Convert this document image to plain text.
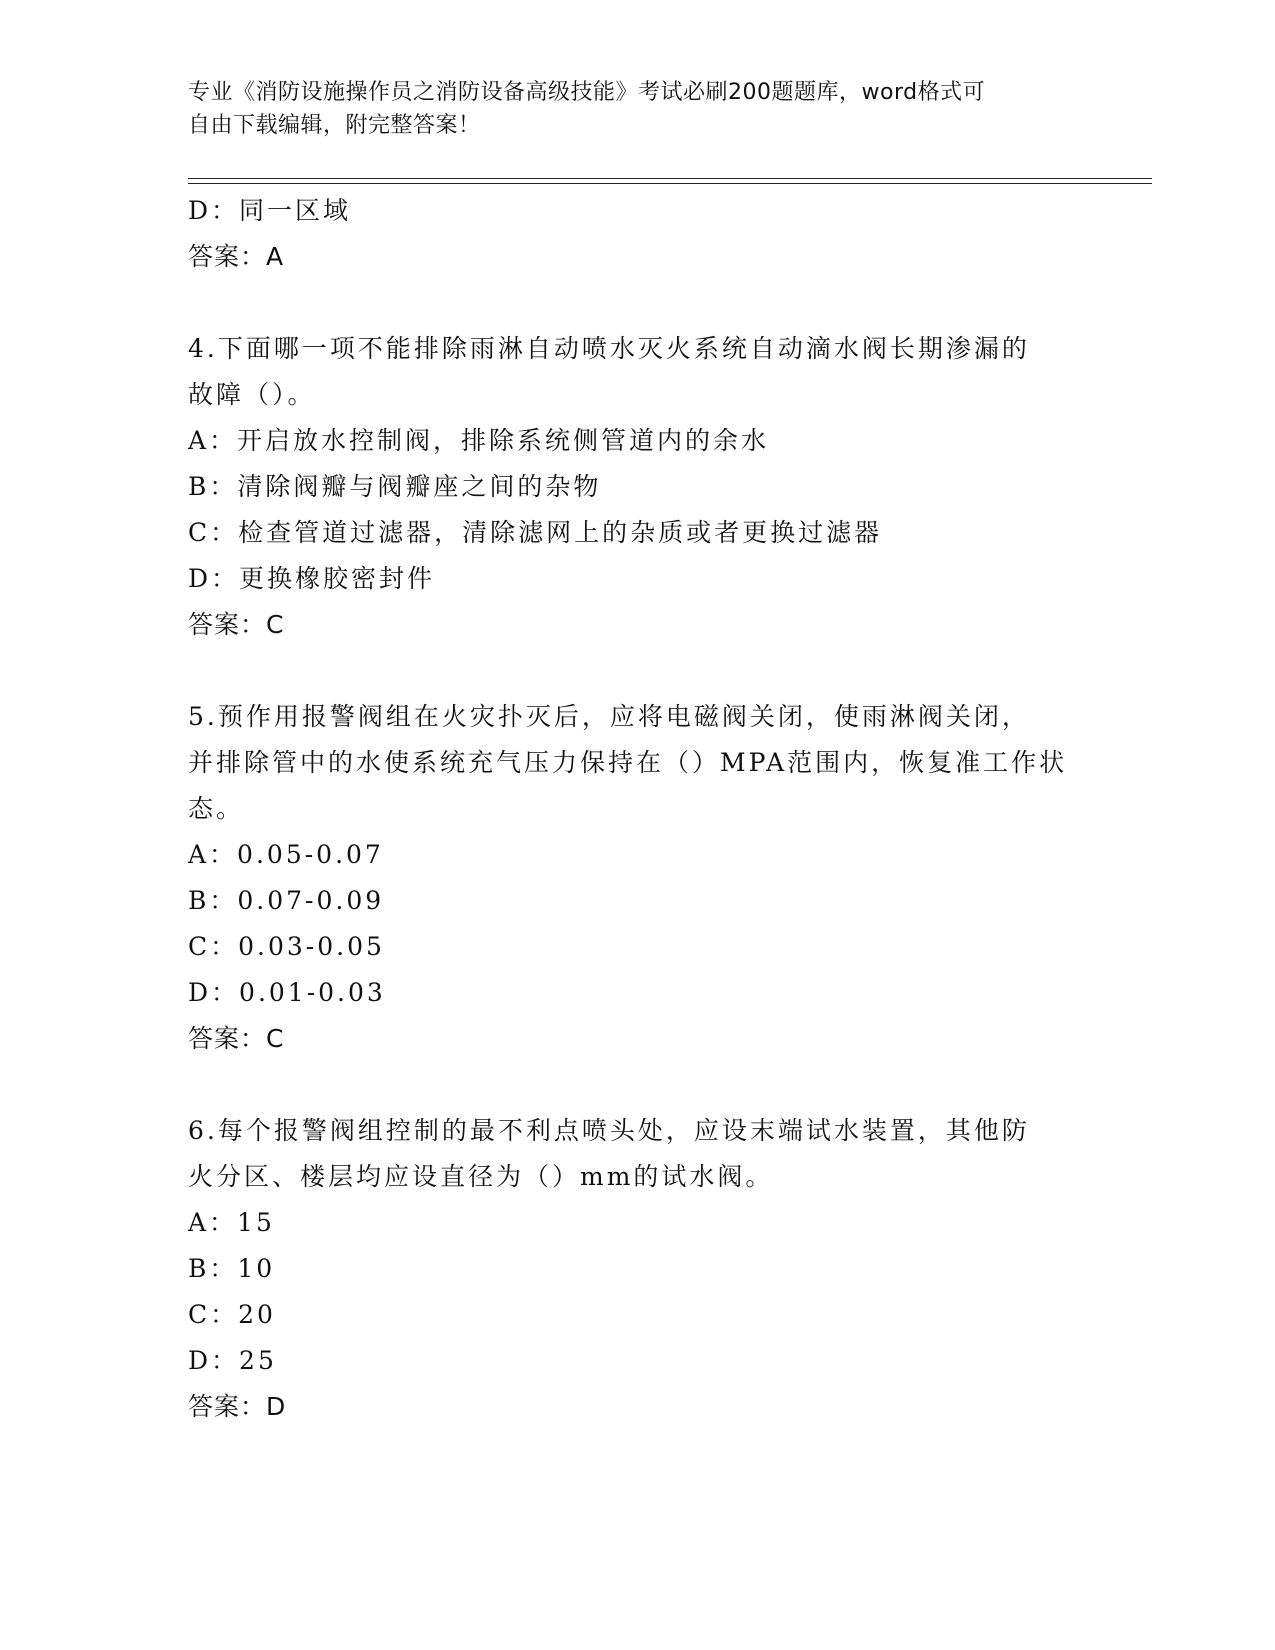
专业《消防设施操作员之消防设备高级技能》考试必刷200题题库，word格式可
自由下载编辑，附完整答案！
D：同一区域
答案：A
4.下面哪一项不能排除雨淋自动喷水灭火系统自动滴水阀长期渗漏的
故障（）。
A：开启放水控制阀，排除系统侧管道内的余水
B：清除阀瓣与阀瓣座之间的杂物
C：检查管道过滤器，清除滤网上的杂质或者更换过滤器
D：更换橡胶密封件
答案：C
5.预作用报警阀组在火灾扑灭后，应将电磁阀关闭，使雨淋阀关闭，
并排除管中的水使系统充气压力保持在（）MPA范围内，恢复准工作状
态。
A：0.05-0.07
B：0.07-0.09
C：0.03-0.05
D：0.01-0.03
答案：C
6.每个报警阀组控制的最不利点喷头处，应设末端试水装置，其他防
火分区、楼层均应设直径为（）mm的试水阀。
A：15
B：10
C：20
D：25
答案：D
